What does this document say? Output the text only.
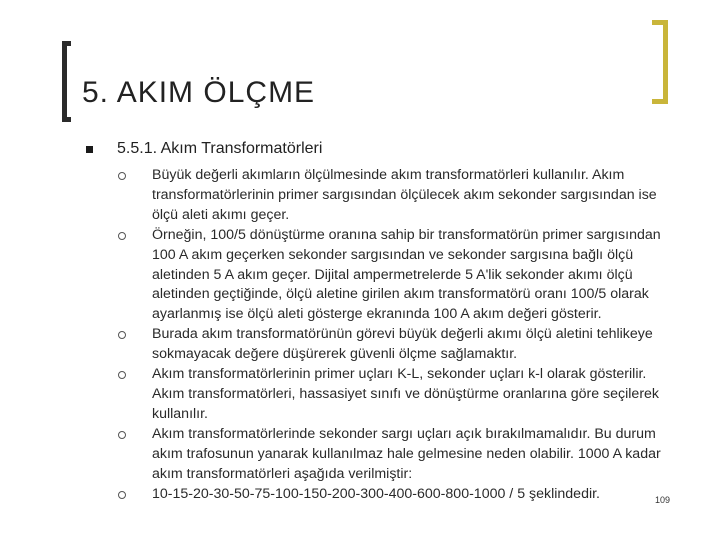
5. AKIM ÖLÇME
5.5.1. Akım Transformatörleri
Büyük değerli akımların ölçülmesinde akım transformatörleri kullanılır. Akım transformatörlerinin primer sargısından ölçülecek akım sekonder sargısından ise ölçü aleti akımı geçer.
Örneğin, 100/5 dönüştürme oranına sahip bir transformatörün primer sargısından 100 A akım geçerken sekonder sargısından ve sekonder sargısına bağlı ölçü aletinden 5 A akım geçer. Dijital ampermetrelerde 5 A'lik sekonder akımı ölçü aletinden geçtiğinde, ölçü aletine girilen akım transformatörü oranı 100/5 olarak ayarlanmış ise ölçü aleti gösterge ekranında 100 A akım değeri gösterir.
Burada akım transformatörünün görevi büyük değerli akımı ölçü aletini tehlikeye sokmayacak değere düşürerek güvenli ölçme sağlamaktır.
Akım transformatörlerinin primer uçları K-L, sekonder uçları k-l olarak gösterilir. Akım transformatörleri, hassasiyet sınıfı ve dönüştürme oranlarına göre seçilerek kullanılır.
Akım transformatörlerinde sekonder sargı uçları açık bırakılmamalıdır. Bu durum akım trafosunun yanarak kullanılmaz hale gelmesine neden olabilir. 1000 A kadar akım transformatörleri aşağıda verilmiştir:
10-15-20-30-50-75-100-150-200-300-400-600-800-1000 / 5 şeklindedir.	109
